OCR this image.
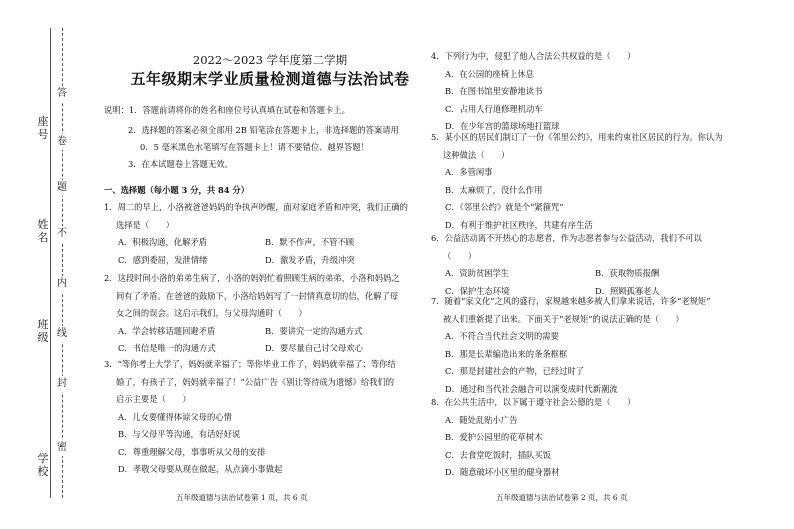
答
卷
题
不
内
线
封
密
座号
姓名
班级
学校
2022～2023 学年度第二学期
五年级期末学业质量检测道德与法治试卷
说明：1．答题前请将你的姓名和座位号认真填在试卷和答题卡上。
2．选择题的答案必须全部用 2B 铅笔涂在答题卡上，非选择题的答案请用
0．5 毫米黑色水笔填写在答题卡上！请不要错位、越界答题！
3．在本试题卷上答题无效。
一、选择题（每小题 3 分，共 84 分）
1．周二的早上，小洛被爸爸妈妈的争执声吵醒，面对家庭矛盾和冲突，我们正确的
选择是（　　）
A．积极沟通，化解矛盾	B．默不作声，不管不顾
C．感到委屈，发泄情绪	D．激发矛盾，升级冲突
2．这段时间小洛的弟弟生病了，小洛的妈妈忙着照顾生病的弟弟，小洛和妈妈之
间有了矛盾。在爸爸的鼓励下，小洛给妈妈写了一封情真意切的信，化解了母
女之间的误会。这启示我们，与父母沟通时（　　）
A．学会转移话题回避矛盾	B．要讲究一定的沟通方式
C．书信是唯一的沟通方式	D．要尽量自己讨父母欢心
3．“等你考上大学了，妈妈就幸福了；等你毕业工作了，妈妈就幸福了；等你结
婚了，有孩子了，妈妈就幸福了！”公益广告《别让等待成为遗憾》给我们的
启示主要是（　　）
A．儿女要懂得体谅父母的心情
B．与父母平等沟通，有话好好说
C．尊重理解父母，事事听从父母的安排
D．孝敬父母要从现在做起，从点滴小事做起
4．下列行为中，侵犯了他人合法公共权益的是（　　）
A．在公园的座椅上休息
B．在图书馆里安静地读书
C．占用人行道修理机动车
D．在少年宫的篮球场地打篮球
5．某小区的居民们制订了一份《邻里公约》，用来约束社区居民的行为。你认为
这种做法（　　）
A．多管闲事
B．太麻烦了，没什么作用
C．《邻里公约》就是个“紧箍咒”
D．有利于维护社区秩序，共建有序生活
6．公益活动离不开热心的志愿者，作为志愿者参与公益活动，我们不可以
（　　）
A．资助贫困学生	B．获取物质报酬
C．保护生态环境	D．照顾孤寡老人
7．随着“家文化”之风的盛行，家规越来越多被人们拿来说话，许多“老规矩”
被人们重新提了出来。下面关于“老规矩”的说法正确的是（　　）
A．不符合当代社会文明的需要
B．那是长辈编造出来的条条框框
C．那是封建社会的产物，已经过时了
D．通过和当代社会融合可以演变成时代新潮流
8．在公共生活中，以下属于遵守社会公德的是（　　）
A．随处乱贴小广告
B．爱护公园里的花草树木
C．去食堂吃饭时，插队买饭
D．随意破坏小区里的健身器材
五年级道德与法治试卷第 1 页，共 6 页	五年级道德与法治试卷第 2 页，共 6 页
